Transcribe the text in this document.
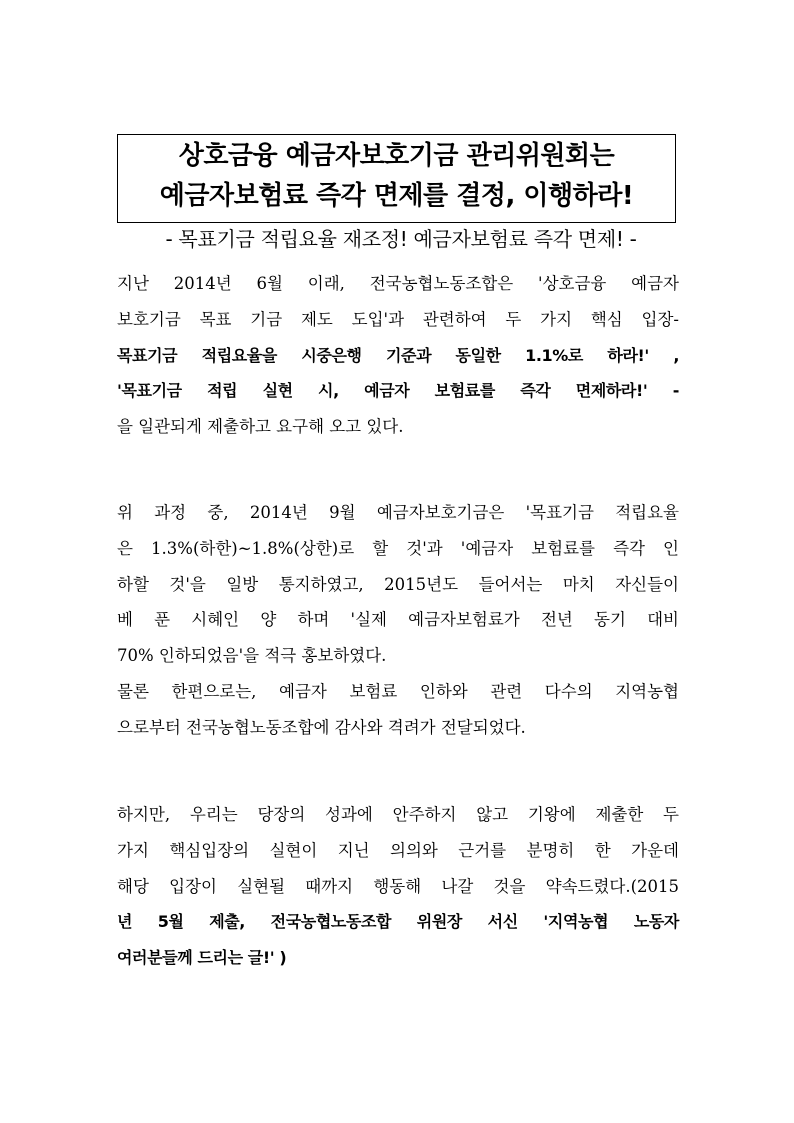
상호금융 예금자보호기금 관리위원회는
예금자보험료 즉각 면제를 결정, 이행하라!
- 목표기금 적립요율 재조정! 예금자보험료 즉각 면제! -
지난 2014년 6월 이래, 전국농협노동조합은 '상호금융 예금자
보호기금 목표 기금 제도 도입'과 관련하여 두 가지 핵심 입장-
목표기금 적립요율을 시중은행 기준과 동일한 1.1%로 하라!' ,
'목표기금 적립 실현 시, 예금자 보험료를 즉각 면제하라!' -
을 일관되게 제출하고 요구해 오고 있다.
위 과정 중, 2014년 9월 예금자보호기금은 '목표기금 적립요율
은 1.3%(하한)~1.8%(상한)로 할 것'과 '예금자 보험료를 즉각 인
하할 것'을 일방 통지하였고, 2015년도 들어서는 마치 자신들이
베 푼 시혜인 양 하며 '실제 예금자보험료가 전년 동기 대비
70% 인하되었음'을 적극 홍보하였다.
물론 한편으로는, 예금자 보험료 인하와 관련 다수의 지역농협
으로부터 전국농협노동조합에 감사와 격려가 전달되었다.
하지만, 우리는 당장의 성과에 안주하지 않고 기왕에 제출한 두
가지 핵심입장의 실현이 지닌 의의와 근거를 분명히 한 가운데
해당 입장이 실현될 때까지 행동해 나갈 것을 약속드렸다.(2015
년 5월 제출, 전국농협노동조합 위원장 서신 '지역농협 노동자
여러분들께 드리는 글!' )
